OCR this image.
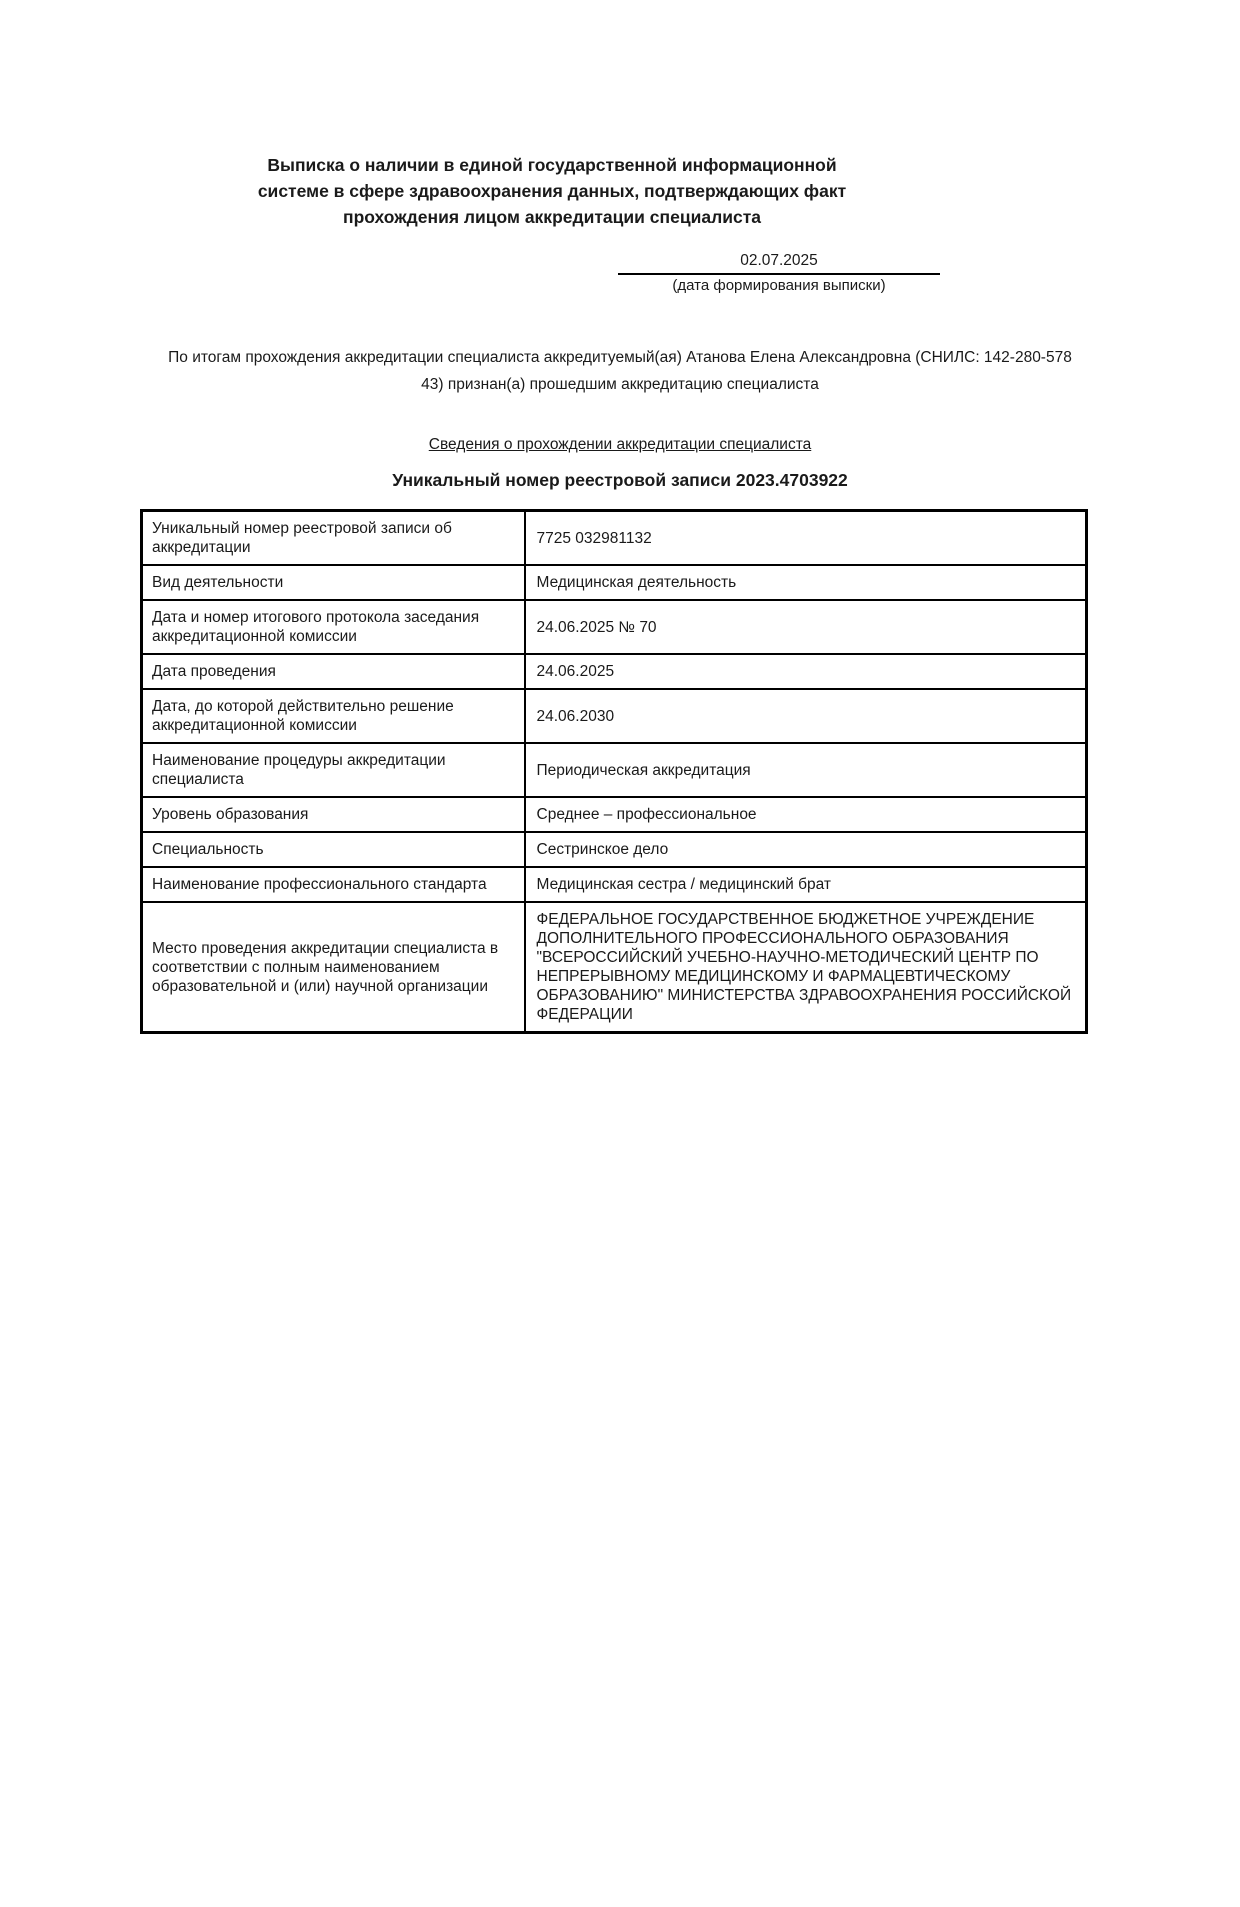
Выписка о наличии в единой государственной информационной
системе в сфере здравоохранения данных, подтверждающих факт
прохождения лицом аккредитации специалиста
02.07.2025
(дата формирования выписки)
По итогам прохождения аккредитации специалиста аккредитуемый(ая) Атанова Елена Александровна (СНИЛС: 142-280-578
43) признан(а) прошедшим аккредитацию специалиста
Сведения о прохождении аккредитации специалиста
Уникальный номер реестровой записи 2023.4703922
Уникальный номер реестровой записи об аккредитации	7725 032981132
Вид деятельности	Медицинская деятельность
Дата и номер итогового протокола заседания аккредитационной комиссии	24.06.2025 № 70
Дата проведения	24.06.2025
Дата, до которой действительно решение аккредитационной комиссии	24.06.2030
Наименование процедуры аккредитации специалиста	Периодическая аккредитация
Уровень образования	Среднее – профессиональное
Специальность	Сестринское дело
Наименование профессионального стандарта	Медицинская сестра / медицинский брат
Место проведения аккредитации специалиста в соответствии с полным наименованием образовательной и (или) научной организации	ФЕДЕРАЛЬНОЕ ГОСУДАРСТВЕННОЕ БЮДЖЕТНОЕ УЧРЕЖДЕНИЕ ДОПОЛНИТЕЛЬНОГО ПРОФЕССИОНАЛЬНОГО ОБРАЗОВАНИЯ "ВСЕРОССИЙСКИЙ УЧЕБНО-НАУЧНО-МЕТОДИЧЕСКИЙ ЦЕНТР ПО НЕПРЕРЫВНОМУ МЕДИЦИНСКОМУ И ФАРМАЦЕВТИЧЕСКОМУ ОБРАЗОВАНИЮ" МИНИСТЕРСТВА ЗДРАВООХРАНЕНИЯ РОССИЙСКОЙ ФЕДЕРАЦИИ
